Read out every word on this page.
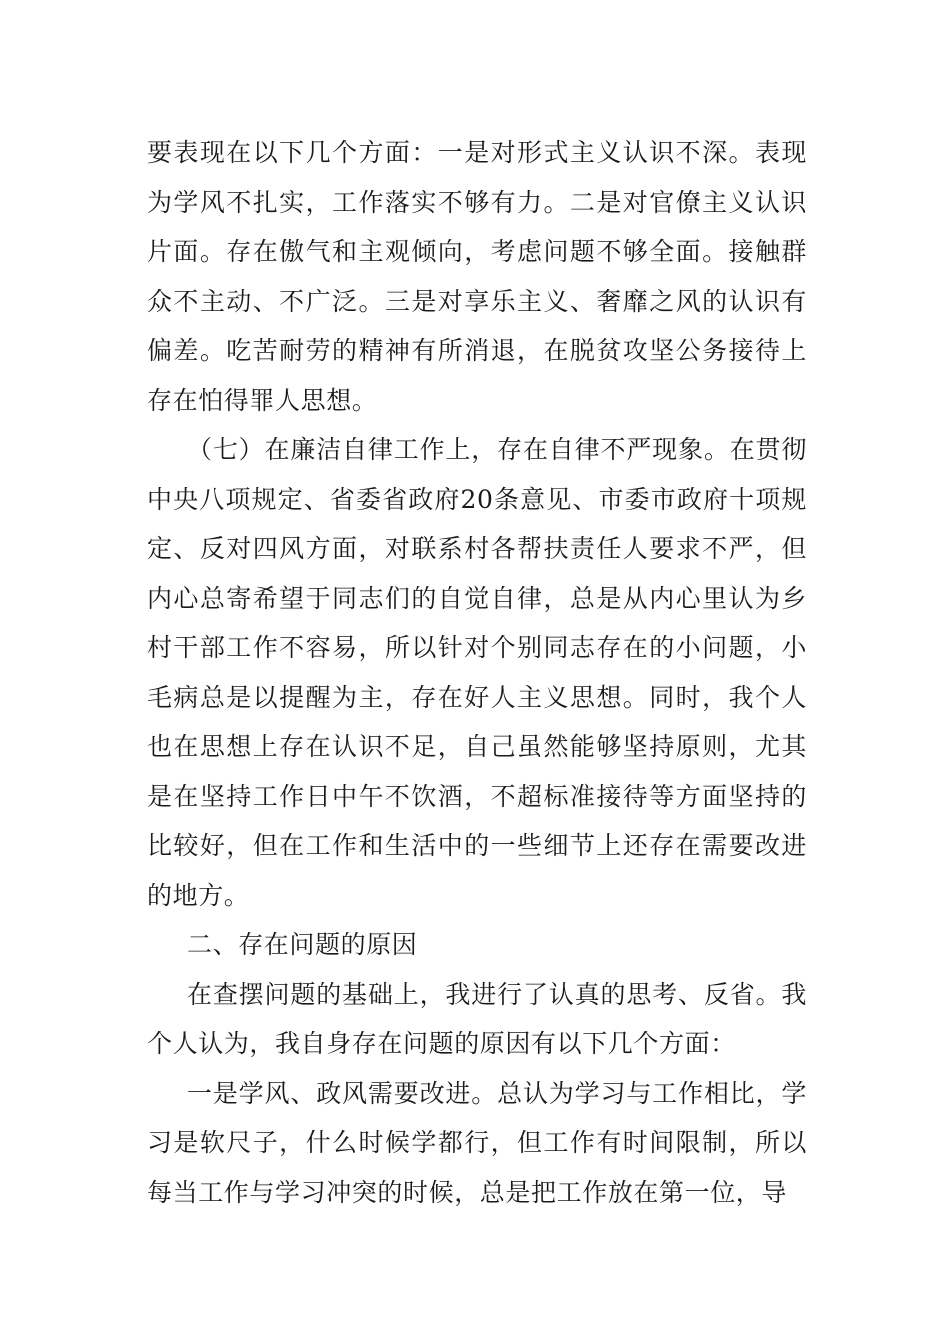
要表现在以下几个方面：一是对形式主义认识不深。表现为学风不扎实，工作落实不够有力。二是对官僚主义认识片面。存在傲气和主观倾向，考虑问题不够全面。接触群众不主动、不广泛。三是对享乐主义、奢靡之风的认识有偏差。吃苦耐劳的精神有所消退，在脱贫攻坚公务接待上存在怕得罪人思想。

（七）在廉洁自律工作上，存在自律不严现象。在贯彻中央八项规定、省委省政府20条意见、市委市政府十项规定、反对四风方面，对联系村各帮扶责任人要求不严，但内心总寄希望于同志们的自觉自律，总是从内心里认为乡村干部工作不容易，所以针对个别同志存在的小问题，小毛病总是以提醒为主，存在好人主义思想。同时，我个人也在思想上存在认识不足，自己虽然能够坚持原则，尤其是在坚持工作日中午不饮酒，不超标准接待等方面坚持的比较好，但在工作和生活中的一些细节上还存在需要改进的地方。

二、存在问题的原因

在查摆问题的基础上，我进行了认真的思考、反省。我个人认为，我自身存在问题的原因有以下几个方面：

一是学风、政风需要改进。总认为学习与工作相比，学习是软尺子，什么时候学都行，但工作有时间限制，所以每当工作与学习冲突的时候，总是把工作放在第一位，导
